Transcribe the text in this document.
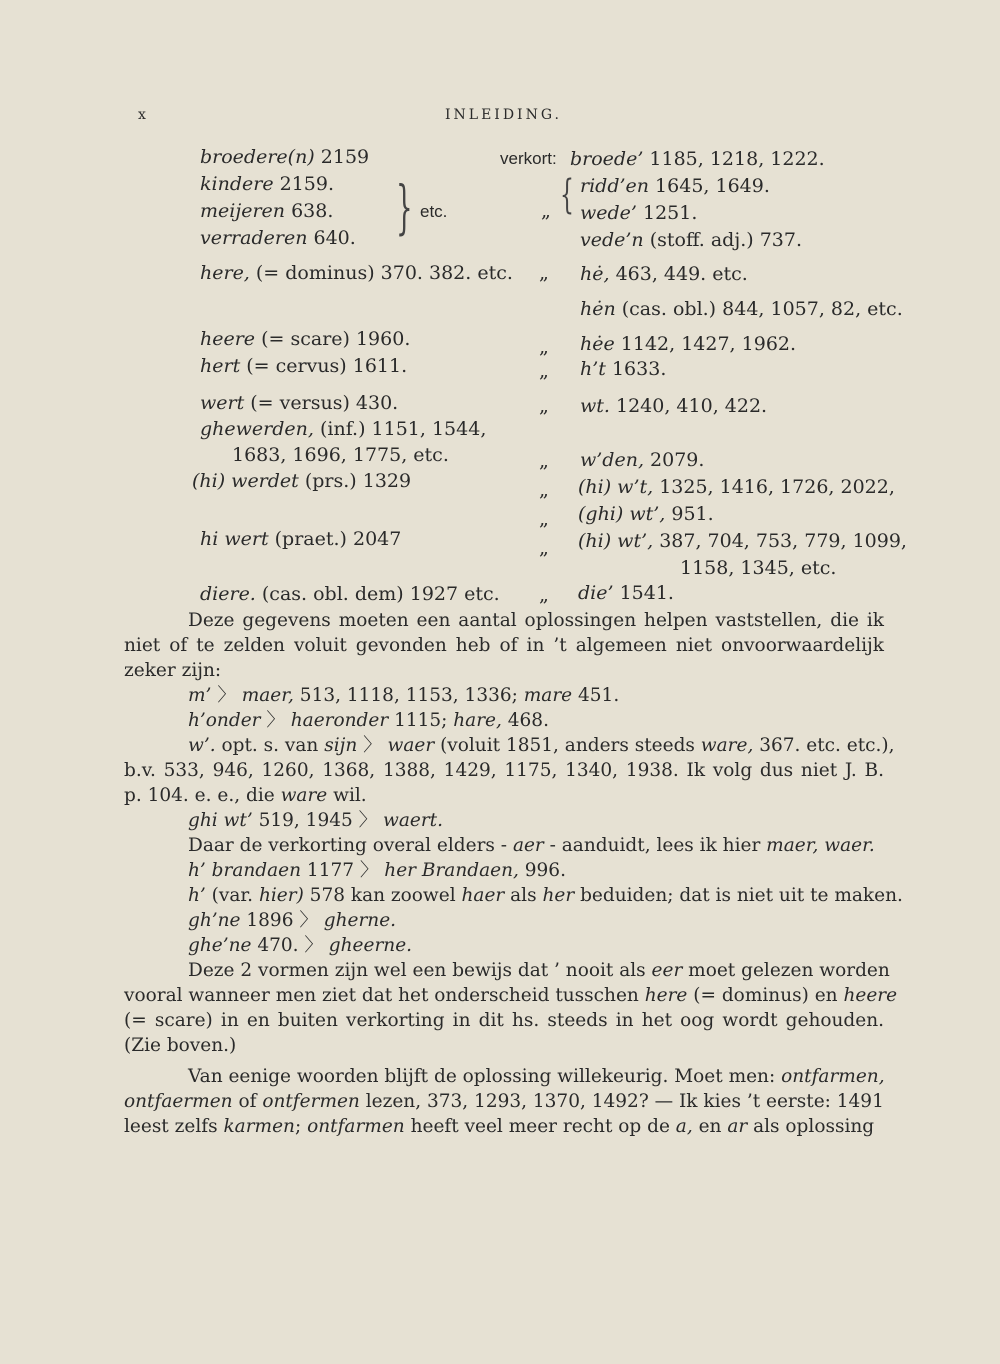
x	INLEIDING.
broedere(n) 2159
kindere 2159.
meijeren 638.
verraderen 640. } etc.
here, (= dominus) 370. 382. etc.
heere (= scare) 1960.
hert (= cervus) 1611.
wert (= versus) 430.
ghewerden, (inf.) 1151, 1544,
1683, 1696, 1775, etc.
(hi) werdet (prs.) 1329
hi wert (praet.) 2047
diere. (cas. obl. dem) 1927 etc.
verkort:
„ {
„
„
„
„
„
„
„
„
„
broede’ 1185, 1218, 1222.
ridd’en 1645, 1649.
wede’ 1251.
vede’n (stoff. adj.) 737.
hė, 463, 449. etc.
hėn (cas. obl.) 844, 1057, 82, etc.
hėe 1142, 1427, 1962.
h’t 1633.
wt. 1240, 410, 422.
w’den, 2079.
(hi) w’t, 1325, 1416, 1726, 2022,
(ghi) wt’, 951.
(hi) wt’, 387, 704, 753, 779, 1099,
1158, 1345, etc.
die’ 1541.
Deze gegevens moeten een aantal oplossingen helpen vaststellen, die ik
niet of te zelden voluit gevonden heb of in ’t algemeen niet onvoorwaardelijk
zeker zijn:
m’ 〉 maer, 513, 1118, 1153, 1336; mare 451.
h’onder 〉 haeronder 1115; hare, 468.
w’. opt. s. van sijn 〉 waer (voluit 1851, anders steeds ware, 367. etc. etc.),
b.v. 533, 946, 1260, 1368, 1388, 1429, 1175, 1340, 1938. Ik volg dus niet J. B.
p. 104. e. e., die ware wil.
ghi wt’ 519, 1945 〉 waert.
Daar de verkorting overal elders - aer - aanduidt, lees ik hier maer, waer.
h’ brandaen 1177 〉 her Brandaen, 996.
h’ (var. hier) 578 kan zoowel haer als her beduiden; dat is niet uit te maken.
gh’ne 1896 〉 gherne.
ghe’ne 470. 〉 gheerne.
Deze 2 vormen zijn wel een bewijs dat ’ nooit als eer moet gelezen worden
vooral wanneer men ziet dat het onderscheid tusschen here (= dominus) en heere
(= scare) in en buiten verkorting in dit hs. steeds in het oog wordt gehouden.
(Zie boven.)
Van eenige woorden blijft de oplossing willekeurig. Moet men: ontfarmen,
ontfaermen of ontfermen lezen, 373, 1293, 1370, 1492? — Ik kies ’t eerste: 1491
leest zelfs karmen; ontfarmen heeft veel meer recht op de a, en ar als oplossing
